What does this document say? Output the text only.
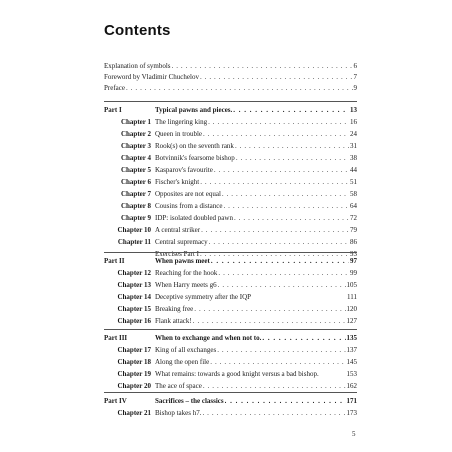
Contents
Explanation of symbols . . .	6
Foreword by Vladimir Chuchelov . . .	7
Preface . . .	9
Part I	Typical pawns and pieces. . . .	13
Chapter 1 The lingering king . . .	16
Chapter 2 Queen in trouble . . .	24
Chapter 3 Rook(s) on the seventh rank . . .	31
Chapter 4 Botvinnik's fearsome bishop . . .	38
Chapter 5 Kasparov's favourite . . .	44
Chapter 6 Fischer's knight . . .	51
Chapter 7 Opposites are not equal . . .	58
Chapter 8 Cousins from a distance . . .	64
Chapter 9 IDP: isolated doubled pawn . . .	72
Chapter 10 A central striker . . .	79
Chapter 11 Central supremacy . . .	86
Exercises Part I . . .	93
Part II	When pawns meet . . .	97
Chapter 12 Reaching for the hook . . .	99
Chapter 13 When Harry meets g6 . . .	105
Chapter 14 Deceptive symmetry after the IQP	111
Chapter 15 Breaking free . . .	120
Chapter 16 Flank attack! . . .	127
Part III	When to exchange and when not to. . . .	135
Chapter 17 King of all exchanges . . .	137
Chapter 18 Along the open file . . .	145
Chapter 19 What remains: towards a good knight versus a bad bishop.	153
Chapter 20 The ace of space . . .	162
Part IV	Sacrifices – the classics . . .	171
Chapter 21 Bishop takes h7. . . .	173
5
